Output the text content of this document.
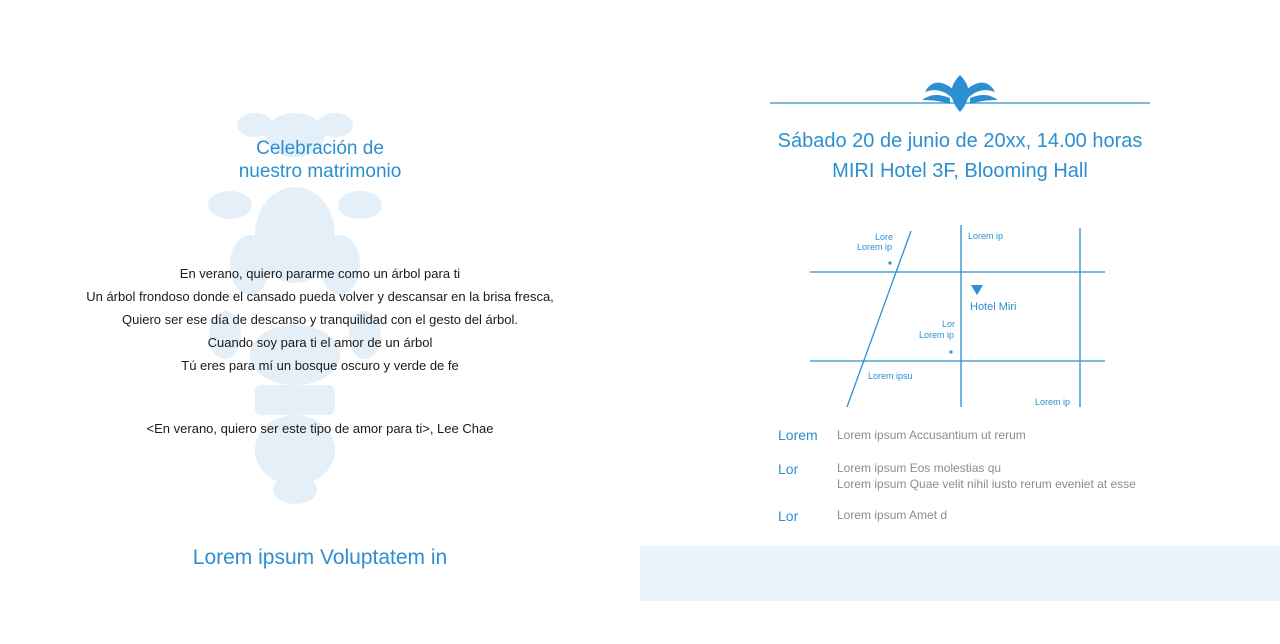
Celebración de
nuestro matrimonio
En verano, quiero pararme como un árbol para ti
Un árbol frondoso donde el cansado pueda volver y descansar en la brisa fresca,
Quiero ser ese día de descanso y tranquilidad con el gesto del árbol.
Cuando soy para ti el amor de un árbol
Tú eres para mí un bosque oscuro y verde de fe
<En verano, quiero ser este tipo de amor para ti>, Lee Chae
Lorem ipsum Voluptatem in
Sábado 20 de junio de 20xx, 14.00 horas
MIRI Hotel 3F, Blooming Hall
Lore
Lorem ip
Lorem ip
Hotel Miri
Lor
Lorem ip
Lorem ipsu
Lorem ip
Lorem Lorem ipsum Accusantium ut rerum
Lor	Lorem ipsum Eos molestias qu
Lorem ipsum Quae velit nihil iusto rerum eveniet at esse
Lor	Lorem ipsum Amet d
